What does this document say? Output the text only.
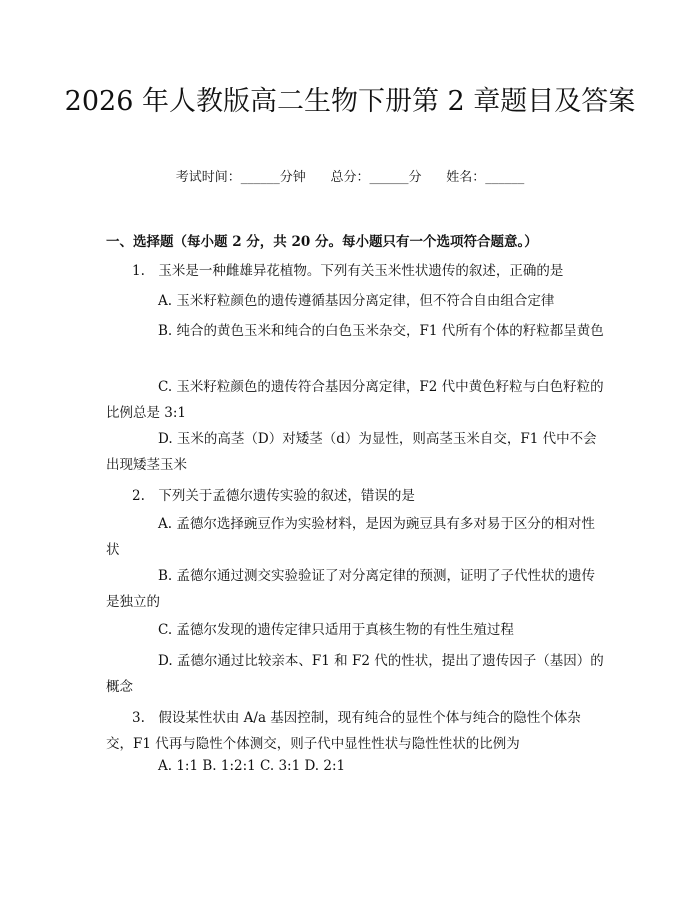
2026 年人教版高二生物下册第 2 章题目及答案
考试时间：______分钟      总分：______分      姓名：______
一、选择题（每小题 2 分，共 20 分。每小题只有一个选项符合题意。）

1.　玉米是一种雌雄异花植物。下列有关玉米性状遗传的叙述，正确的是

A. 玉米籽粒颜色的遗传遵循基因分离定律，但不符合自由组合定律

B. 纯合的黄色玉米和纯合的白色玉米杂交，F1 代所有个体的籽粒都呈黄色

C. 玉米籽粒颜色的遗传符合基因分离定律，F2 代中黄色籽粒与白色籽粒的比例总是 3:1

D. 玉米的高茎（D）对矮茎（d）为显性，则高茎玉米自交，F1 代中不会出现矮茎玉米

2.　下列关于孟德尔遗传实验的叙述，错误的是

A. 孟德尔选择豌豆作为实验材料，是因为豌豆具有多对易于区分的相对性状

B. 孟德尔通过测交实验验证了对分离定律的预测，证明了子代性状的遗传是独立的

C. 孟德尔发现的遗传定律只适用于真核生物的有性生殖过程

D. 孟德尔通过比较亲本、F1 和 F2 代的性状，提出了遗传因子（基因）的概念

3.　假设某性状由 A/a 基因控制，现有纯合的显性个体与纯合的隐性个体杂交，F1 代再与隐性个体测交，则子代中显性性状与隐性性状的比例为

A. 1:1 B. 1:2:1 C. 3:1 D. 2:1
